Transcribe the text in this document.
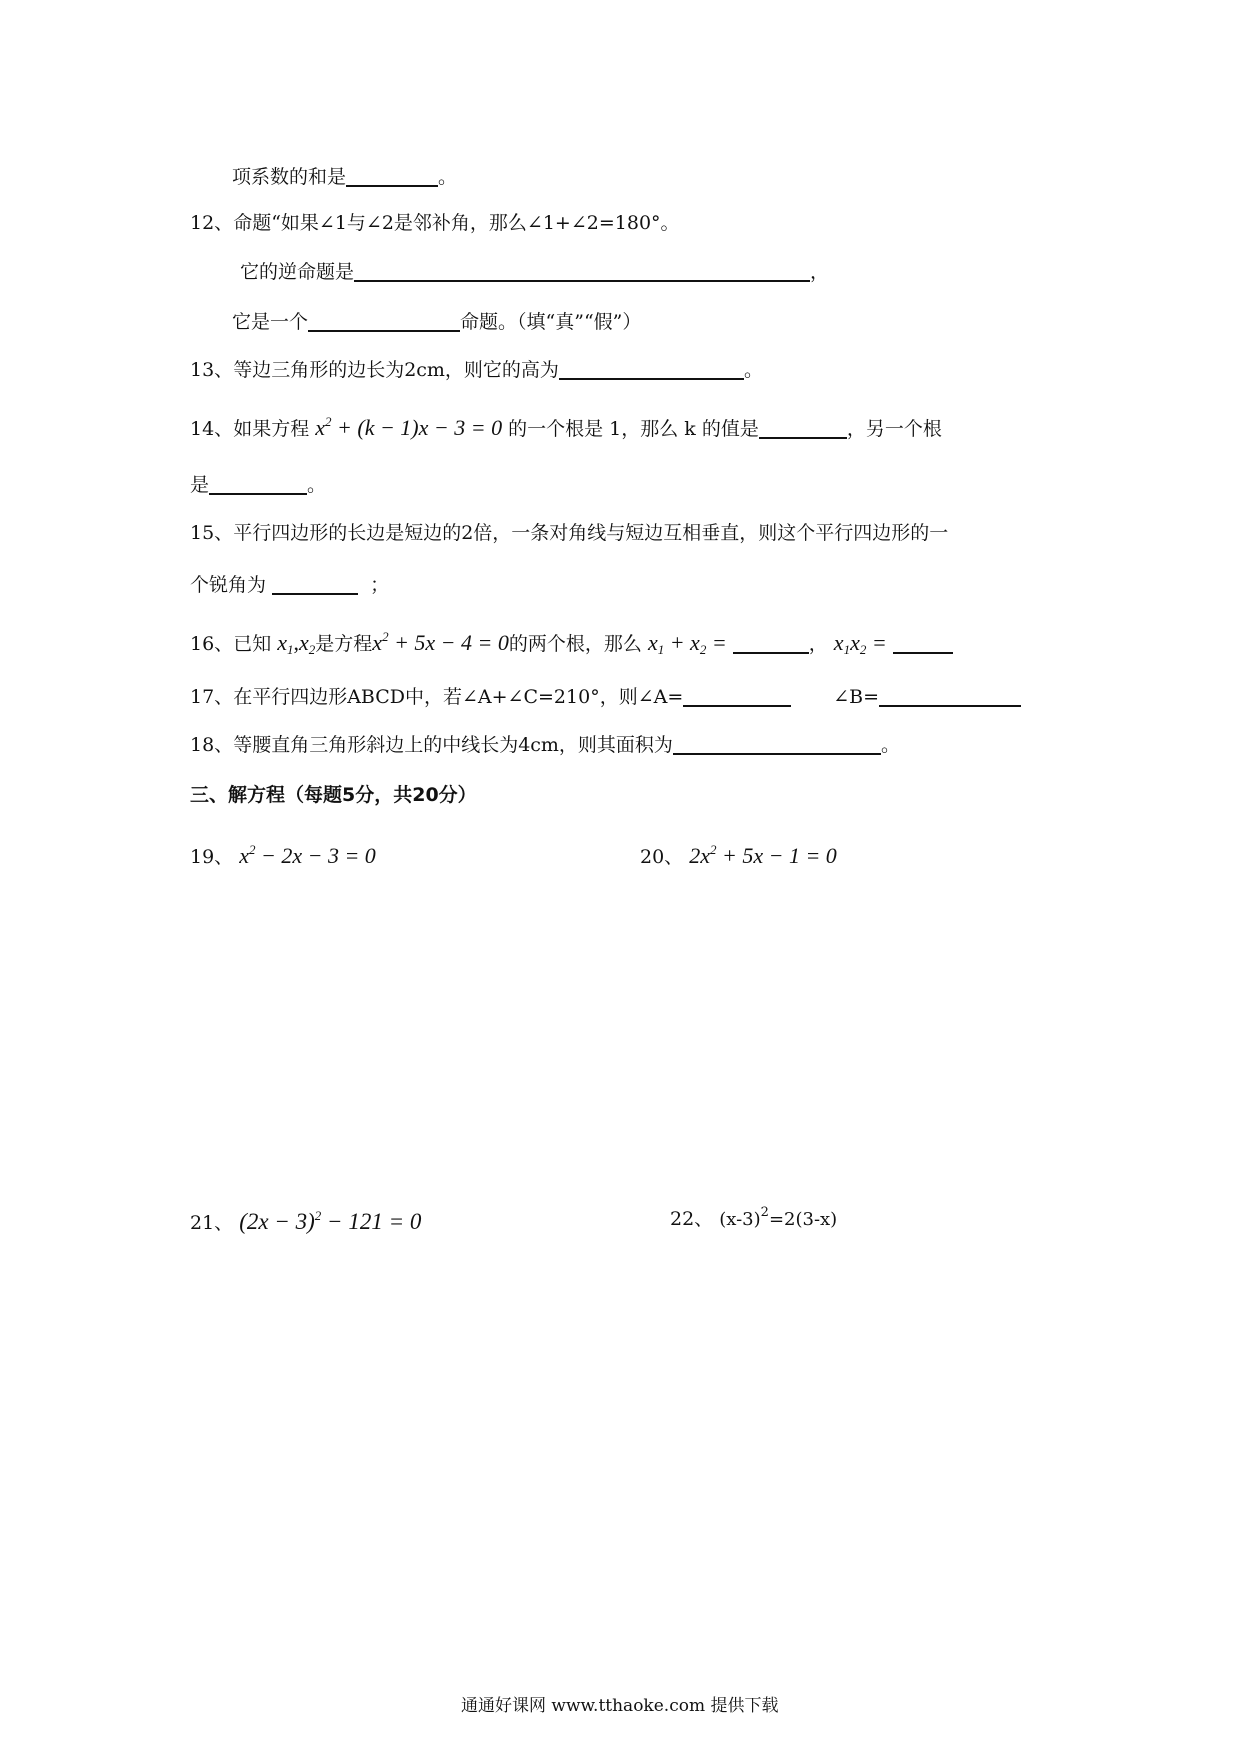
项系数的和是	。
12、命题“如果∠1与∠2是邻补角，那么∠1+∠2=180°。
它的逆命题是	，
它是一个	命题。（填“真”“假”）
13、等边三角形的边长为2cm，则它的高为	。
14、如果方程 $x^2 + (k - 1)x - 3 = 0$ 的一个根是 1，那么 k 的值是	，另一个根
是	。
15、平行四边形的长边是短边的2倍，一条对角线与短边互相垂直，则这个平行四边形的一
个锐角为	；
16、已知 $x_1,x_2$是方程$x^2 + 5x - 4 = 0$的两个根，那么 $x_1 + x_2$ =	， $x_1x_2$ =
17、在平行四边形ABCD中，若∠A+∠C=210°，则∠A=	∠B=
18、等腰直角三角形斜边上的中线长为4cm，则其面积为	。
三、解方程（每题5分，共20分）
19、 $x^2 - 2x - 3 = 0$	20、 $2x^2 + 5x - 1 = 0$
21、 $(2x - 3)^2 - 121 = 0$	22、 $(x-3)^2=2(3-x)$
通通好课网 www.tthaoke.com 提供下载
